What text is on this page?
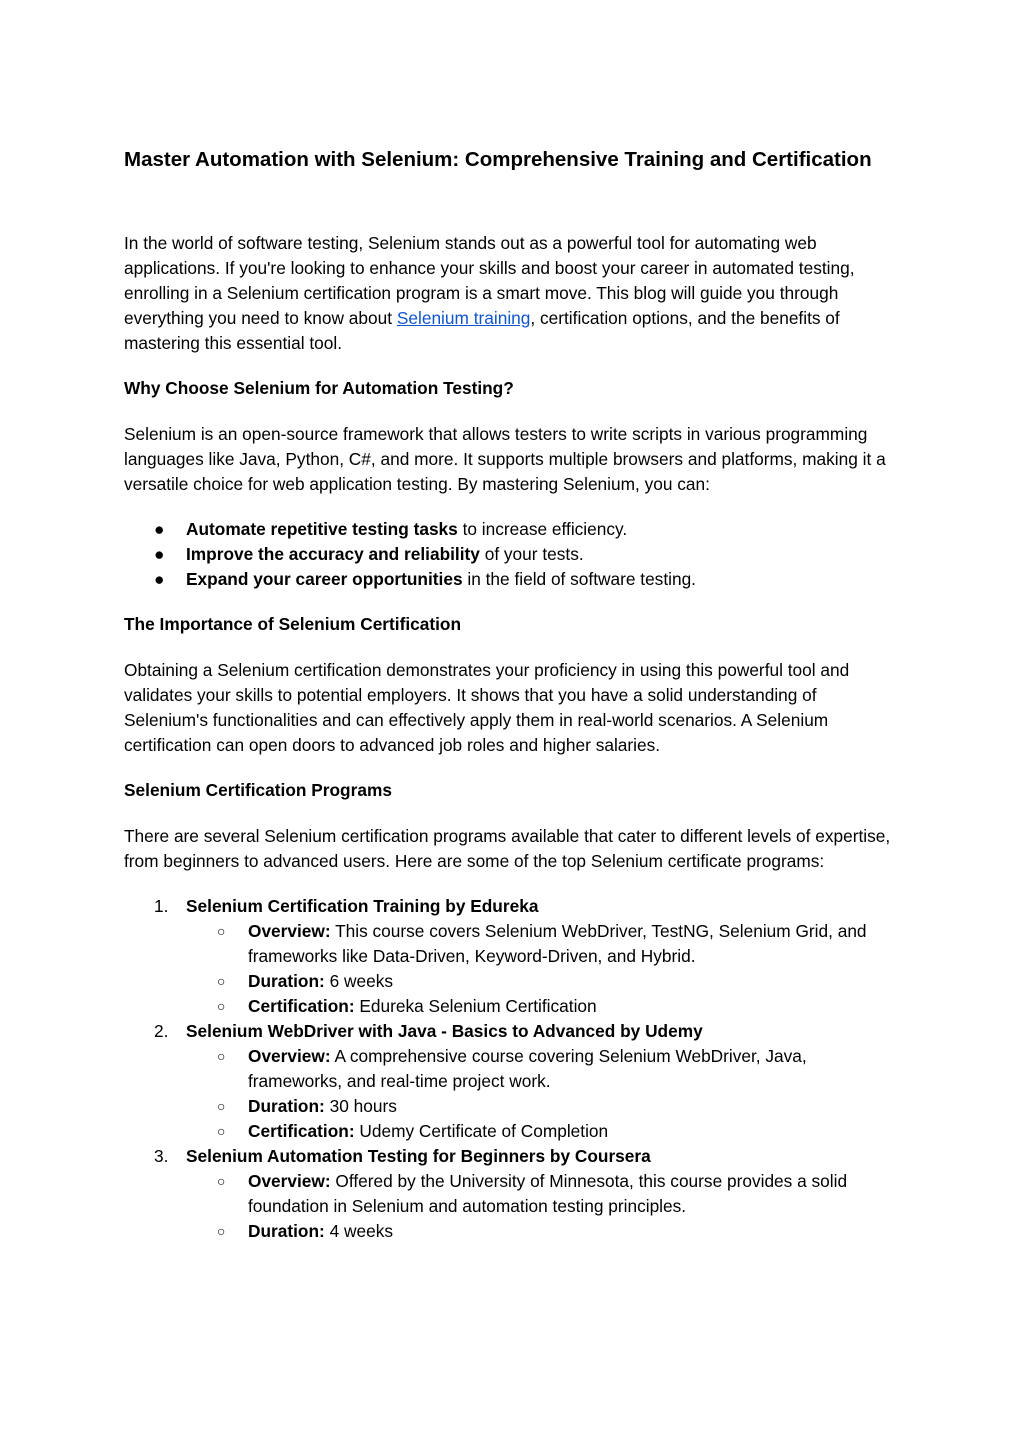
Master Automation with Selenium: Comprehensive Training and Certification

In the world of software testing, Selenium stands out as a powerful tool for automating web applications. If you're looking to enhance your skills and boost your career in automated testing, enrolling in a Selenium certification program is a smart move. This blog will guide you through everything you need to know about Selenium training, certification options, and the benefits of mastering this essential tool.

Why Choose Selenium for Automation Testing?

Selenium is an open-source framework that allows testers to write scripts in various programming languages like Java, Python, C#, and more. It supports multiple browsers and platforms, making it a versatile choice for web application testing. By mastering Selenium, you can:

● Automate repetitive testing tasks to increase efficiency.
● Improve the accuracy and reliability of your tests.
● Expand your career opportunities in the field of software testing.
The Importance of Selenium Certification

Obtaining a Selenium certification demonstrates your proficiency in using this powerful tool and validates your skills to potential employers. It shows that you have a solid understanding of Selenium's functionalities and can effectively apply them in real-world scenarios. A Selenium certification can open doors to advanced job roles and higher salaries.

Selenium Certification Programs

There are several Selenium certification programs available that cater to different levels of expertise, from beginners to advanced users. Here are some of the top Selenium certificate programs:

1. Selenium Certification Training by Edureka
○ Overview: This course covers Selenium WebDriver, TestNG, Selenium Grid, and frameworks like Data-Driven, Keyword-Driven, and Hybrid.
○ Duration: 6 weeks
○ Certification: Edureka Selenium Certification
2. Selenium WebDriver with Java - Basics to Advanced by Udemy
○ Overview: A comprehensive course covering Selenium WebDriver, Java, frameworks, and real-time project work.
○ Duration: 30 hours
○ Certification: Udemy Certificate of Completion
3. Selenium Automation Testing for Beginners by Coursera
○ Overview: Offered by the University of Minnesota, this course provides a solid foundation in Selenium and automation testing principles.
○ Duration: 4 weeks
